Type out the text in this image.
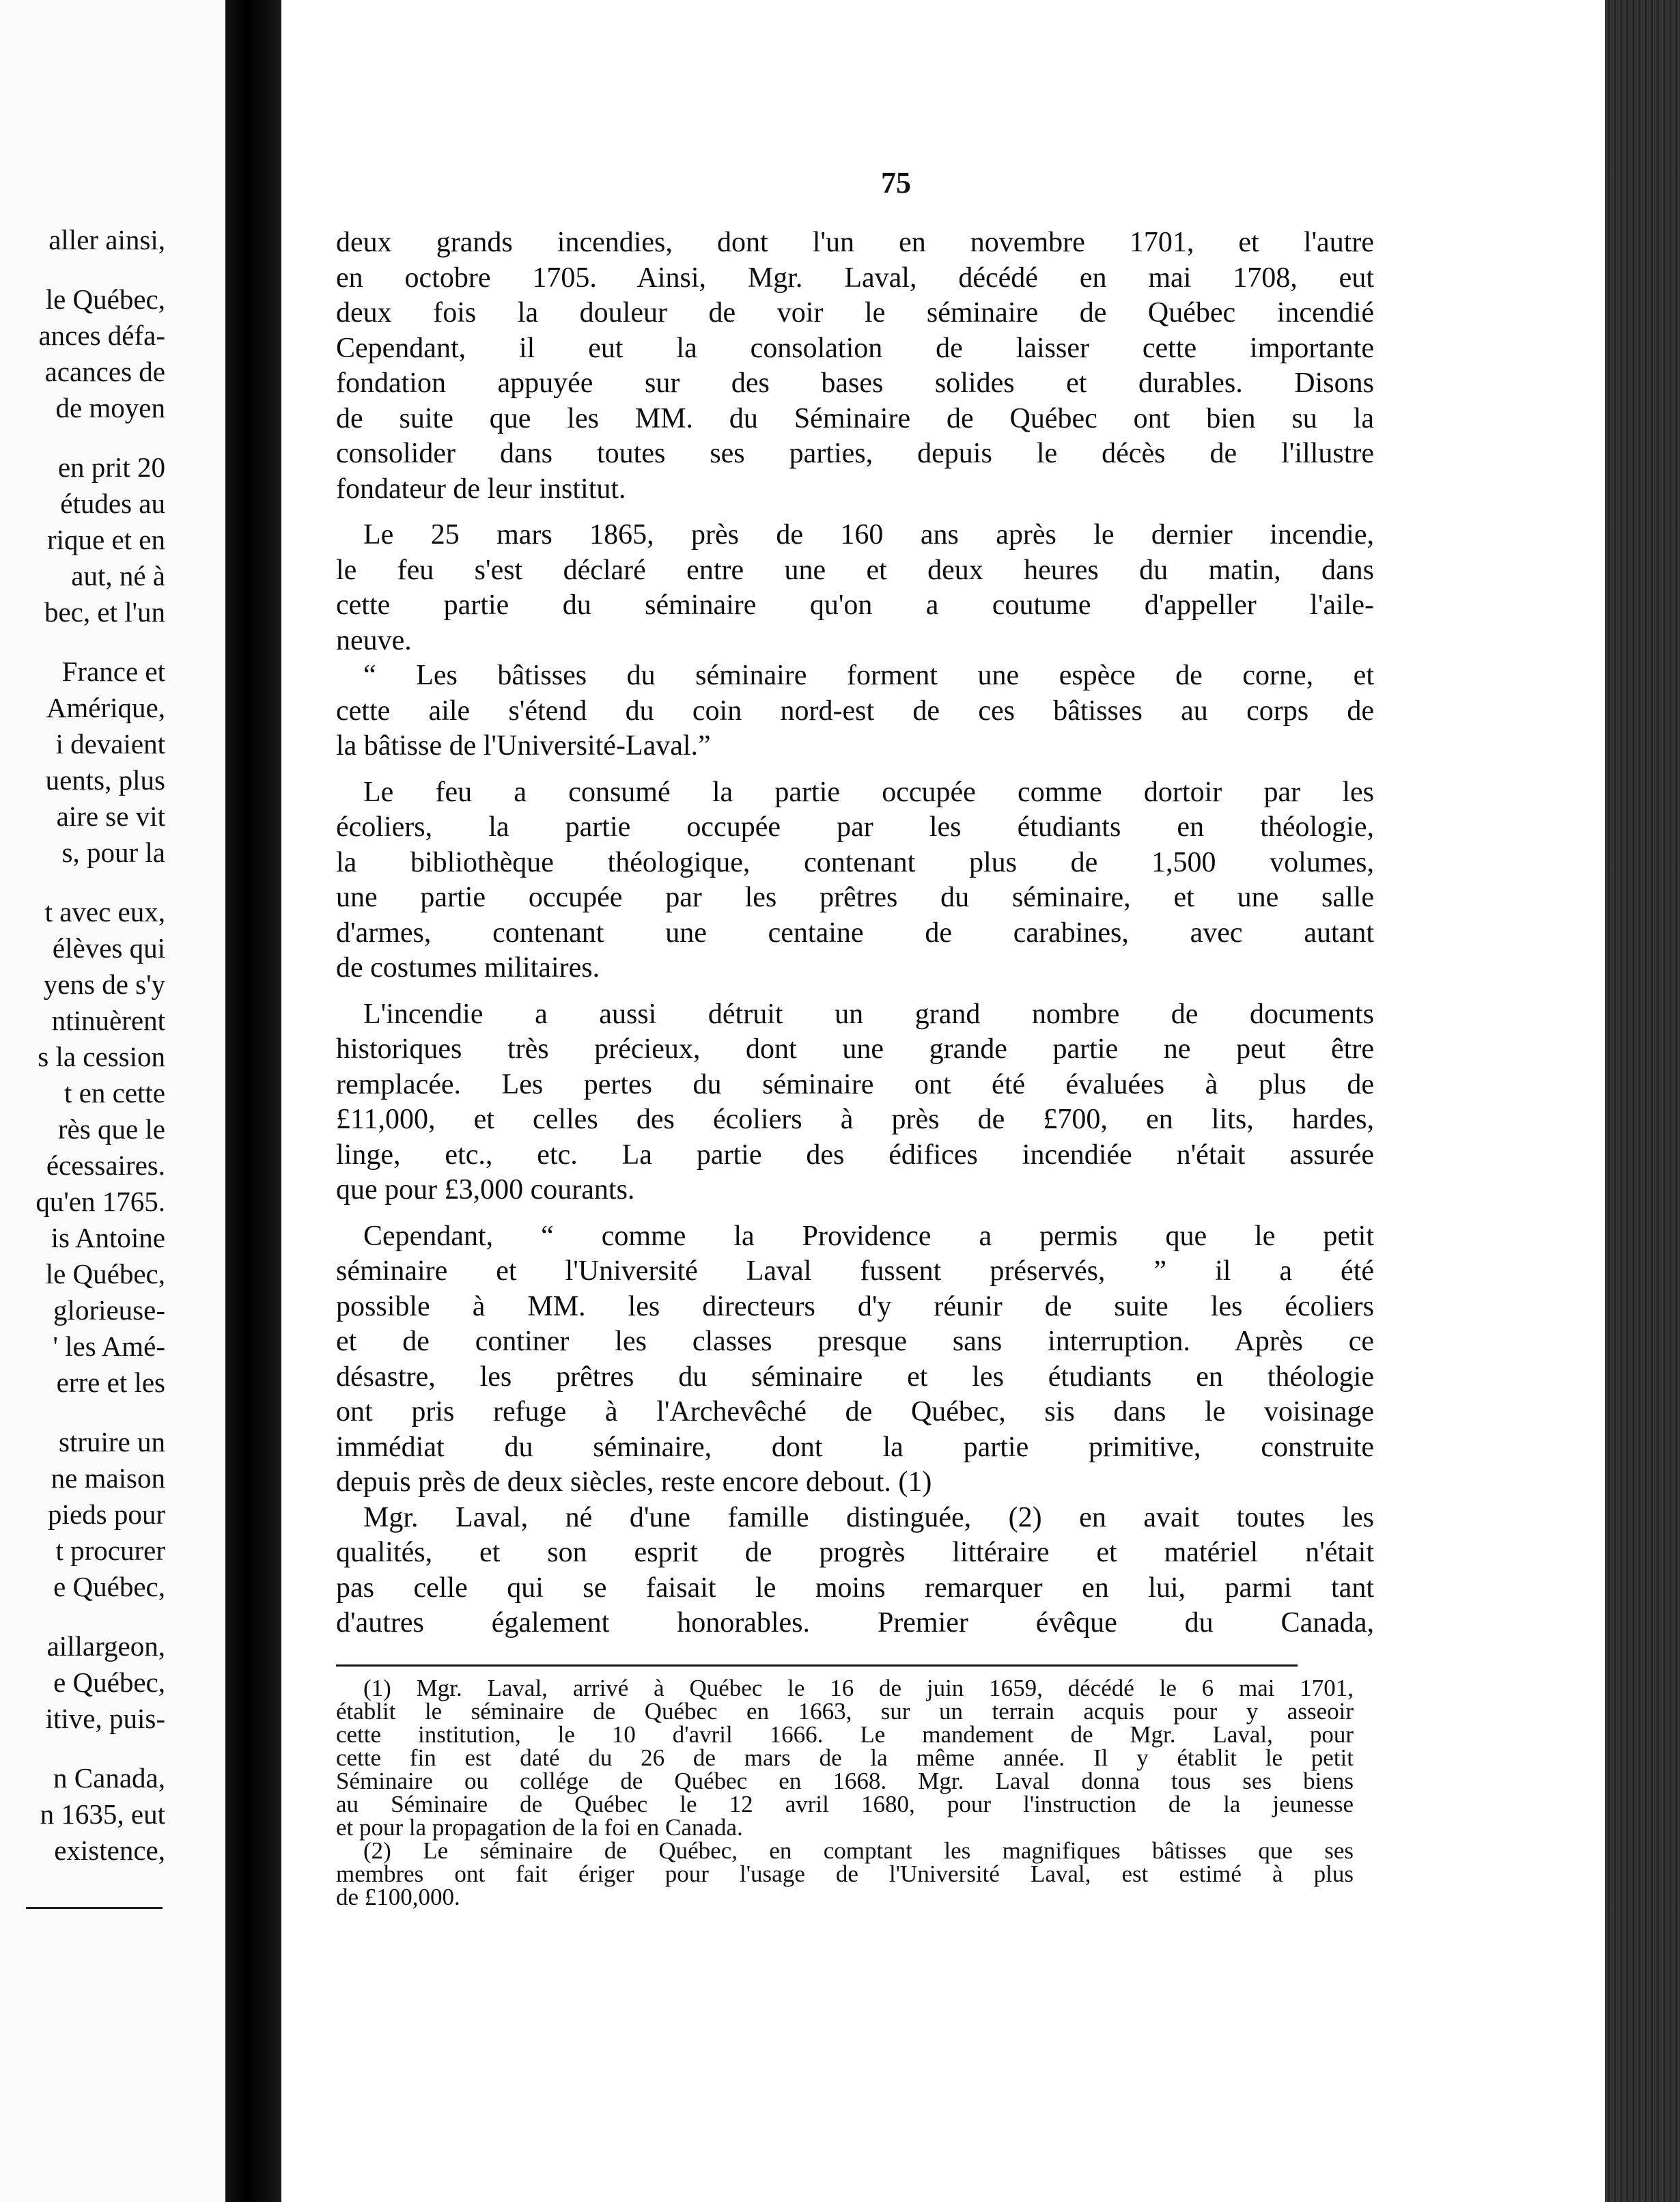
aller ainsi,
le Québec,
ances défa-
acances de
de moyen
en prit 20
études au
rique et en
aut, né à
bec, et l'un
France et
Amérique,
i devaient
uents, plus
aire se vit
s, pour la
t avec eux,
élèves qui
yens de s'y
ntinuèrent
s la cession
t en cette
rès que le
écessaires.
qu'en 1765.
is Antoine
le Québec,
glorieuse-
' les Amé-
erre et les
struire un
ne maison
pieds pour
t procurer
e Québec,
aillargeon,
e Québec,
itive, puis-
n Canada,
n 1635, eut
existence,
75
deux grands incendies, dont l'un en novembre 1701, et l'autre
en octobre 1705. Ainsi, Mgr. Laval, décédé en mai 1708, eut
deux fois la douleur de voir le séminaire de Québec incendié
Cependant, il eut la consolation de laisser cette importante
fondation appuyée sur des bases solides et durables. Disons
de suite que les MM. du Séminaire de Québec ont bien su la
consolider dans toutes ses parties, depuis le décès de l'illustre
fondateur de leur institut.
Le 25 mars 1865, près de 160 ans après le dernier incendie,
le feu s'est déclaré entre une et deux heures du matin, dans
cette partie du séminaire qu'on a coutume d'appeller l'aile-
neuve.
“ Les bâtisses du séminaire forment une espèce de corne, et
cette aile s'étend du coin nord-est de ces bâtisses au corps de
la bâtisse de l'Université-Laval.”
Le feu a consumé la partie occupée comme dortoir par les
écoliers, la partie occupée par les étudiants en théologie,
la bibliothèque théologique, contenant plus de 1,500 volumes,
une partie occupée par les prêtres du séminaire, et une salle
d'armes, contenant une centaine de carabines, avec autant
de costumes militaires.
L'incendie a aussi détruit un grand nombre de documents
historiques très précieux, dont une grande partie ne peut être
remplacée. Les pertes du séminaire ont été évaluées à plus de
£11,000, et celles des écoliers à près de £700, en lits, hardes,
linge, etc., etc. La partie des édifices incendiée n'était assurée
que pour £3,000 courants.
Cependant, “ comme la Providence a permis que le petit
séminaire et l'Université Laval fussent préservés, ” il a été
possible à MM. les directeurs d'y réunir de suite les écoliers
et de continer les classes presque sans interruption. Après ce
désastre, les prêtres du séminaire et les étudiants en théologie
ont pris refuge à l'Archevêché de Québec, sis dans le voisinage
immédiat du séminaire, dont la partie primitive, construite
depuis près de deux siècles, reste encore debout. (1)
Mgr. Laval, né d'une famille distinguée, (2) en avait toutes les
qualités, et son esprit de progrès littéraire et matériel n'était
pas celle qui se faisait le moins remarquer en lui, parmi tant
d'autres également honorables. Premier évêque du Canada,
(1) Mgr. Laval, arrivé à Québec le 16 de juin 1659, décédé le 6 mai 1701,
établit le séminaire de Québec en 1663, sur un terrain acquis pour y asseoir
cette institution, le 10 d'avril 1666. Le mandement de Mgr. Laval, pour
cette fin est daté du 26 de mars de la même année. Il y établit le petit
Séminaire ou collége de Québec en 1668. Mgr. Laval donna tous ses biens
au Séminaire de Québec le 12 avril 1680, pour l'instruction de la jeunesse
et pour la propagation de la foi en Canada.
(2) Le séminaire de Québec, en comptant les magnifiques bâtisses que ses
membres ont fait ériger pour l'usage de l'Université Laval, est estimé à plus
de £100,000.
